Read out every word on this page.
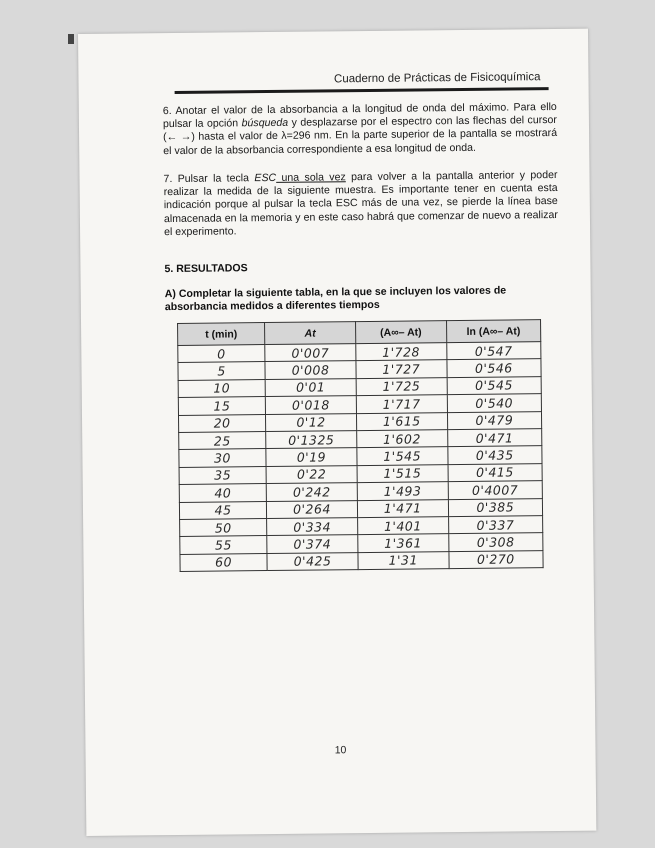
Cuaderno de Prácticas de Fisicoquímica
6. Anotar el valor de la absorbancia a la longitud de onda del máximo. Para ello pulsar la opción búsqueda y desplazarse por el espectro con las flechas del cursor (← →) hasta el valor de λ=296 nm. En la parte superior de la pantalla se mostrará el valor de la absorbancia correspondiente a esa longitud de onda.
7. Pulsar la tecla ESC una sola vez para volver a la pantalla anterior y poder realizar la medida de la siguiente muestra. Es importante tener en cuenta esta indicación porque al pulsar la tecla ESC más de una vez, se pierde la línea base almacenada en la memoria y en este caso habrá que comenzar de nuevo a realizar el experimento.
5. RESULTADOS
A) Completar la siguiente tabla, en la que se incluyen los valores de absorbancia medidos a diferentes tiempos
t (min)	At	(A∞– At)	ln (A∞– At)
0	0'007	1'728	0'547
5	0'008	1'727	0'546
10	0'01	1'725	0'545
15	0'018	1'717	0'540
20	0'12	1'615	0'479
25	0'1325	1'602	0'471
30	0'19	1'545	0'435
35	0'22	1'515	0'415
40	0'242	1'493	0'4007
45	0'264	1'471	0'385
50	0'334	1'401	0'337
55	0'374	1'361	0'308
60	0'425	1'31	0'270
10
